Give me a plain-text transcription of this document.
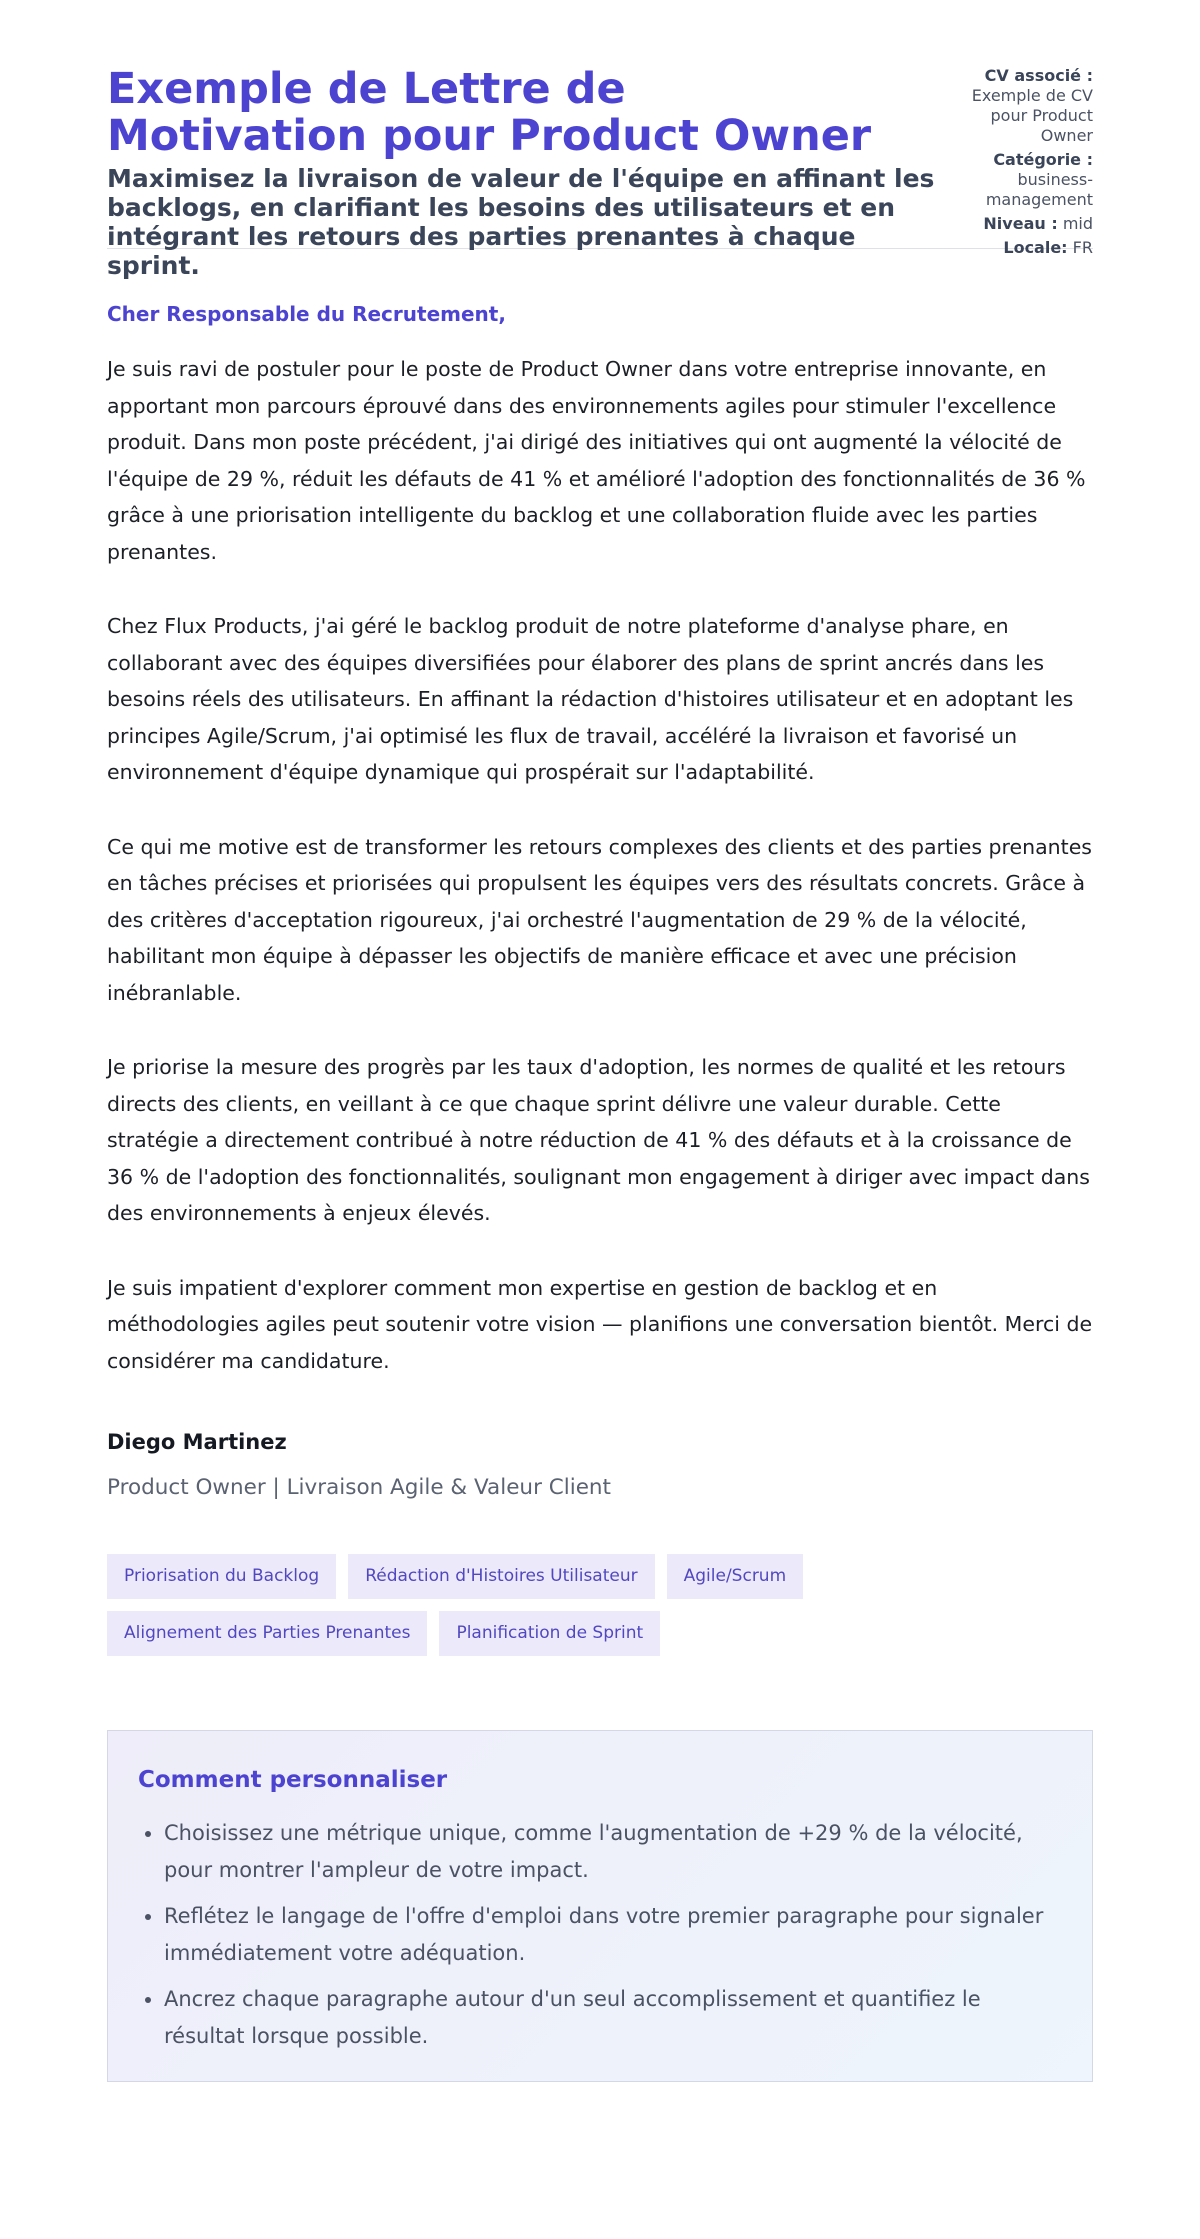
Exemple de Lettre de Motivation pour Product Owner
Maximisez la livraison de valeur de l'équipe en affinant les backlogs, en clarifiant les besoins des utilisateurs et en intégrant les retours des parties prenantes à chaque sprint.
CV associé : Exemple de CV pour Product Owner
Catégorie : business-management
Niveau : mid
Locale: FR

Cher Responsable du Recrutement,

Je suis ravi de postuler pour le poste de Product Owner dans votre entreprise innovante, en apportant mon parcours éprouvé dans des environnements agiles pour stimuler l'excellence produit. Dans mon poste précédent, j'ai dirigé des initiatives qui ont augmenté la vélocité de l'équipe de 29 %, réduit les défauts de 41 % et amélioré l'adoption des fonctionnalités de 36 % grâce à une priorisation intelligente du backlog et une collaboration fluide avec les parties prenantes.

Chez Flux Products, j'ai géré le backlog produit de notre plateforme d'analyse phare, en collaborant avec des équipes diversifiées pour élaborer des plans de sprint ancrés dans les besoins réels des utilisateurs. En affinant la rédaction d'histoires utilisateur et en adoptant les principes Agile/Scrum, j'ai optimisé les flux de travail, accéléré la livraison et favorisé un environnement d'équipe dynamique qui prospérait sur l'adaptabilité.

Ce qui me motive est de transformer les retours complexes des clients et des parties prenantes en tâches précises et priorisées qui propulsent les équipes vers des résultats concrets. Grâce à des critères d'acceptation rigoureux, j'ai orchestré l'augmentation de 29 % de la vélocité, habilitant mon équipe à dépasser les objectifs de manière efficace et avec une précision inébranlable.

Je priorise la mesure des progrès par les taux d'adoption, les normes de qualité et les retours directs des clients, en veillant à ce que chaque sprint délivre une valeur durable. Cette stratégie a directement contribué à notre réduction de 41 % des défauts et à la croissance de 36 % de l'adoption des fonctionnalités, soulignant mon engagement à diriger avec impact dans des environnements à enjeux élevés.

Je suis impatient d'explorer comment mon expertise en gestion de backlog et en méthodologies agiles peut soutenir votre vision — planifions une conversation bientôt. Merci de considérer ma candidature.

Diego Martinez
Product Owner | Livraison Agile & Valeur Client
Priorisation du Backlog	Rédaction d'Histoires Utilisateur	Agile/Scrum
Alignement des Parties Prenantes	Planification de Sprint
Comment personnaliser
• Choisissez une métrique unique, comme l'augmentation de +29 % de la vélocité, pour montrer l'ampleur de votre impact.
• Reflétez le langage de l'offre d'emploi dans votre premier paragraphe pour signaler immédiatement votre adéquation.
• Ancrez chaque paragraphe autour d'un seul accomplissement et quantifiez le résultat lorsque possible.
